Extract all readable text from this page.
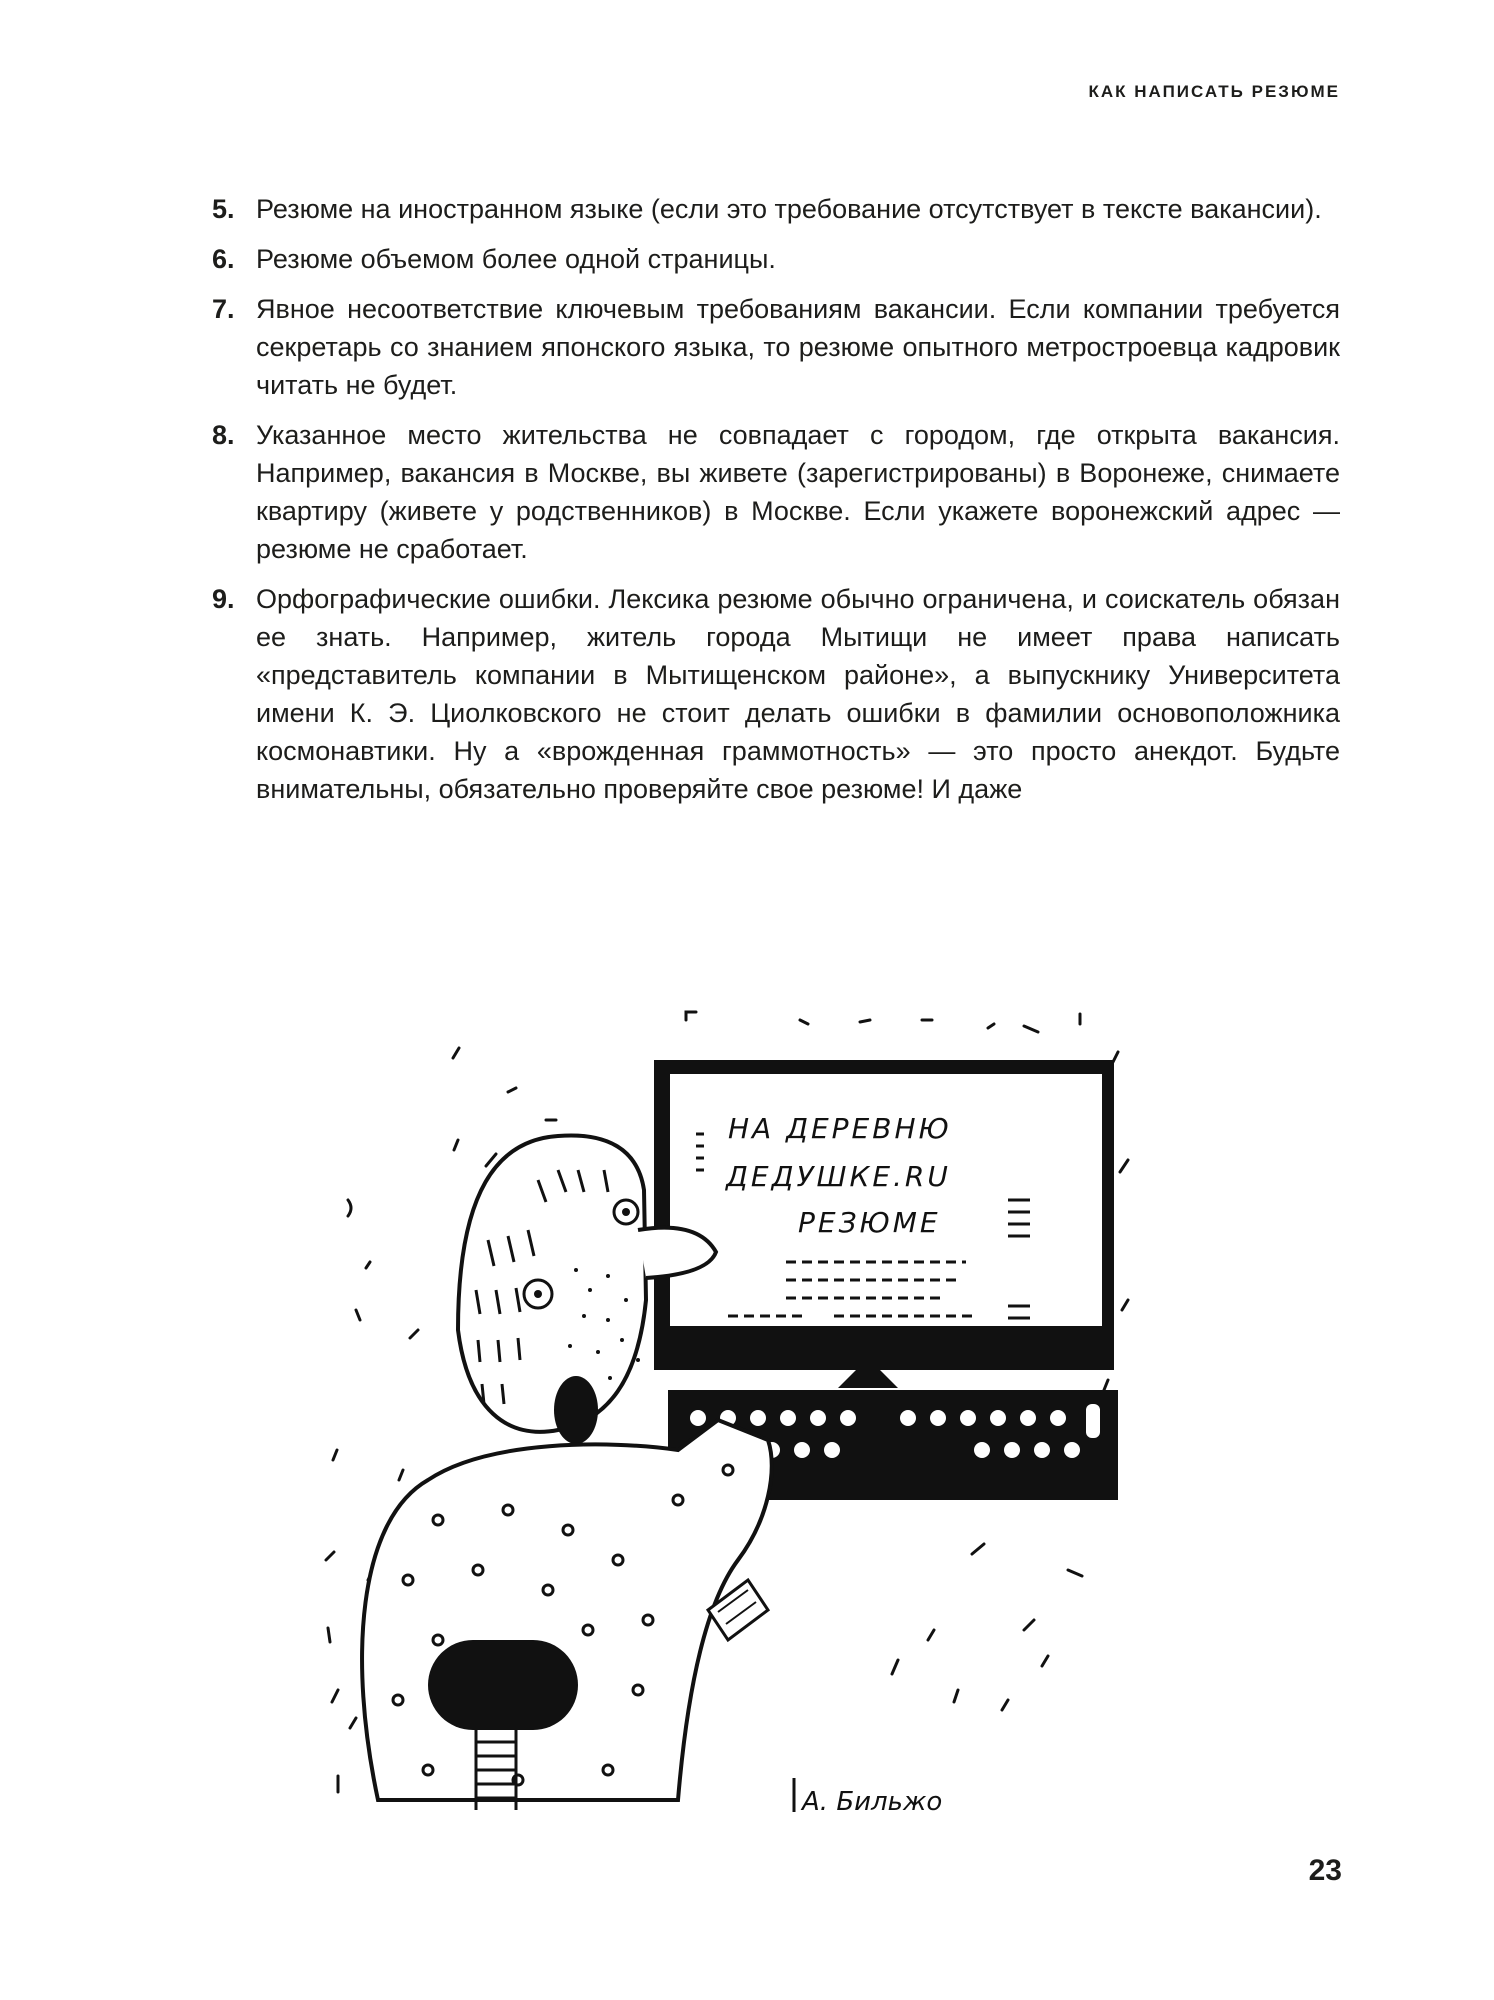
КАК НАПИСАТЬ РЕЗЮМЕ
5. Резюме на иностранном языке (если это требование отсутствует в тексте вакансии).
6. Резюме объемом более одной страницы.
7. Явное несоответствие ключевым требованиям вакансии. Если компании требуется секретарь со знанием японского языка, то резюме опытного метростроевца кадровик читать не будет.
8. Указанное место жительства не совпадает с городом, где открыта вакансия. Например, вакансия в Москве, вы живете (зарегистрированы) в Воронеже, снимаете квартиру (живете у родственников) в Москве. Если укажете воронежский адрес — резюме не сработает.
9. Орфографические ошибки. Лексика резюме обычно ограничена, и соискатель обязан ее знать. Например, житель города Мытищи не имеет права написать «представитель компании в Мытищенском районе», а выпускнику Университета имени К. Э. Циолковского не стоит делать ошибки в фамилии основоположника космонавтики. Ну а «врожденная граммотность» — это просто анекдот. Будьте внимательны, обязательно проверяйте свое резюме! И даже
НА ДЕРЕВНЮ
ДЕДУШКЕ.RU
РЕЗЮМЕ
А. Бильжо
23
